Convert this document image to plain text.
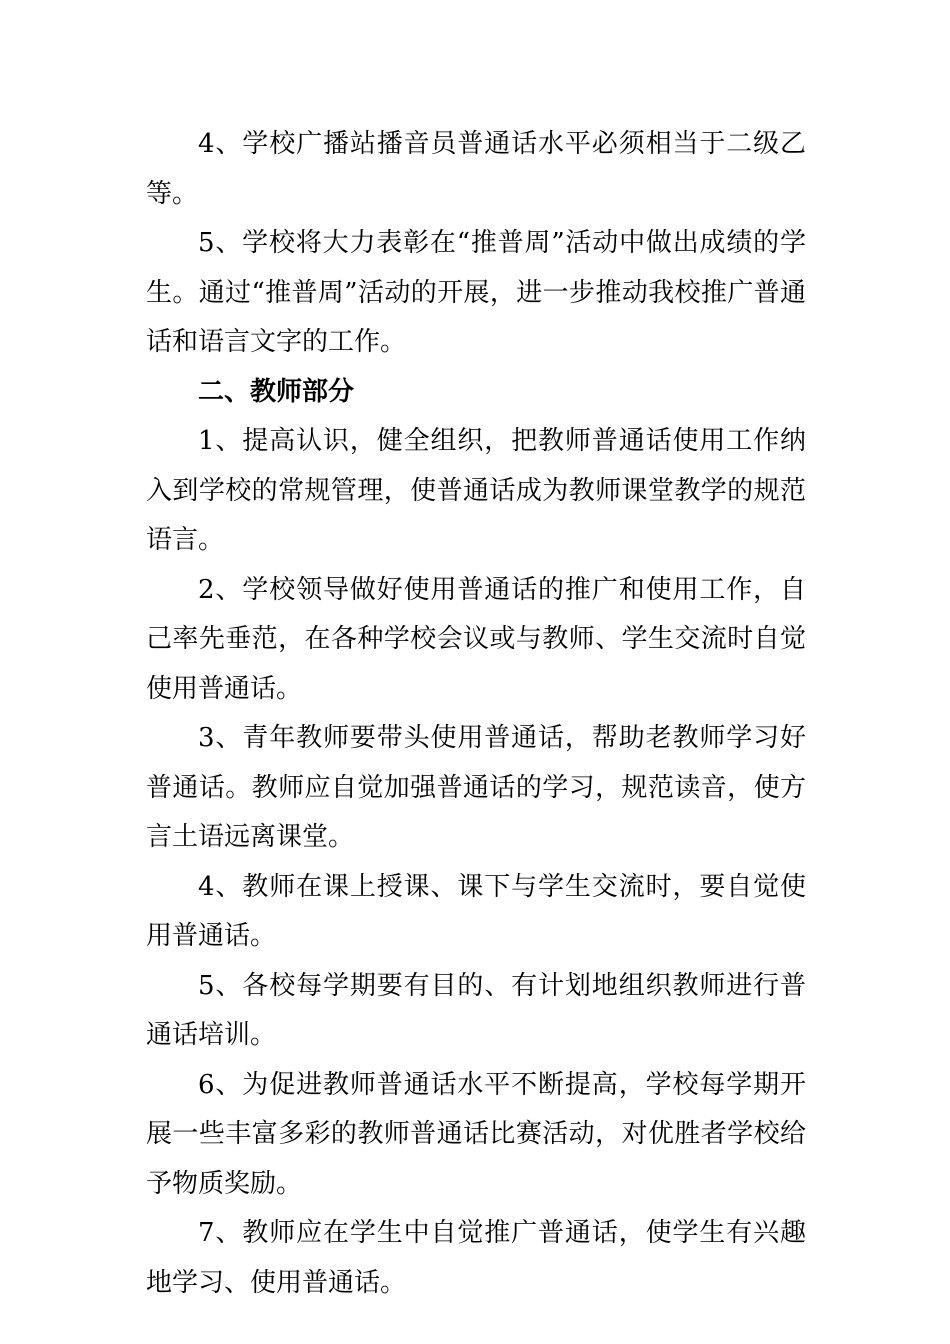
4、学校广播站播音员普通话水平必须相当于二级乙等。

5、学校将大力表彰在“推普周”活动中做出成绩的学生。通过“推普周”活动的开展，进一步推动我校推广普通话和语言文字的工作。

二、教师部分

1、提高认识，健全组织，把教师普通话使用工作纳入到学校的常规管理，使普通话成为教师课堂教学的规范语言。

2、学校领导做好使用普通话的推广和使用工作，自己率先垂范，在各种学校会议或与教师、学生交流时自觉使用普通话。

3、青年教师要带头使用普通话，帮助老教师学习好普通话。教师应自觉加强普通话的学习，规范读音，使方言土语远离课堂。

4、教师在课上授课、课下与学生交流时，要自觉使用普通话。

5、各校每学期要有目的、有计划地组织教师进行普通话培训。

6、为促进教师普通话水平不断提高，学校每学期开展一些丰富多彩的教师普通话比赛活动，对优胜者学校给予物质奖励。

7、教师应在学生中自觉推广普通话，使学生有兴趣地学习、使用普通话。
